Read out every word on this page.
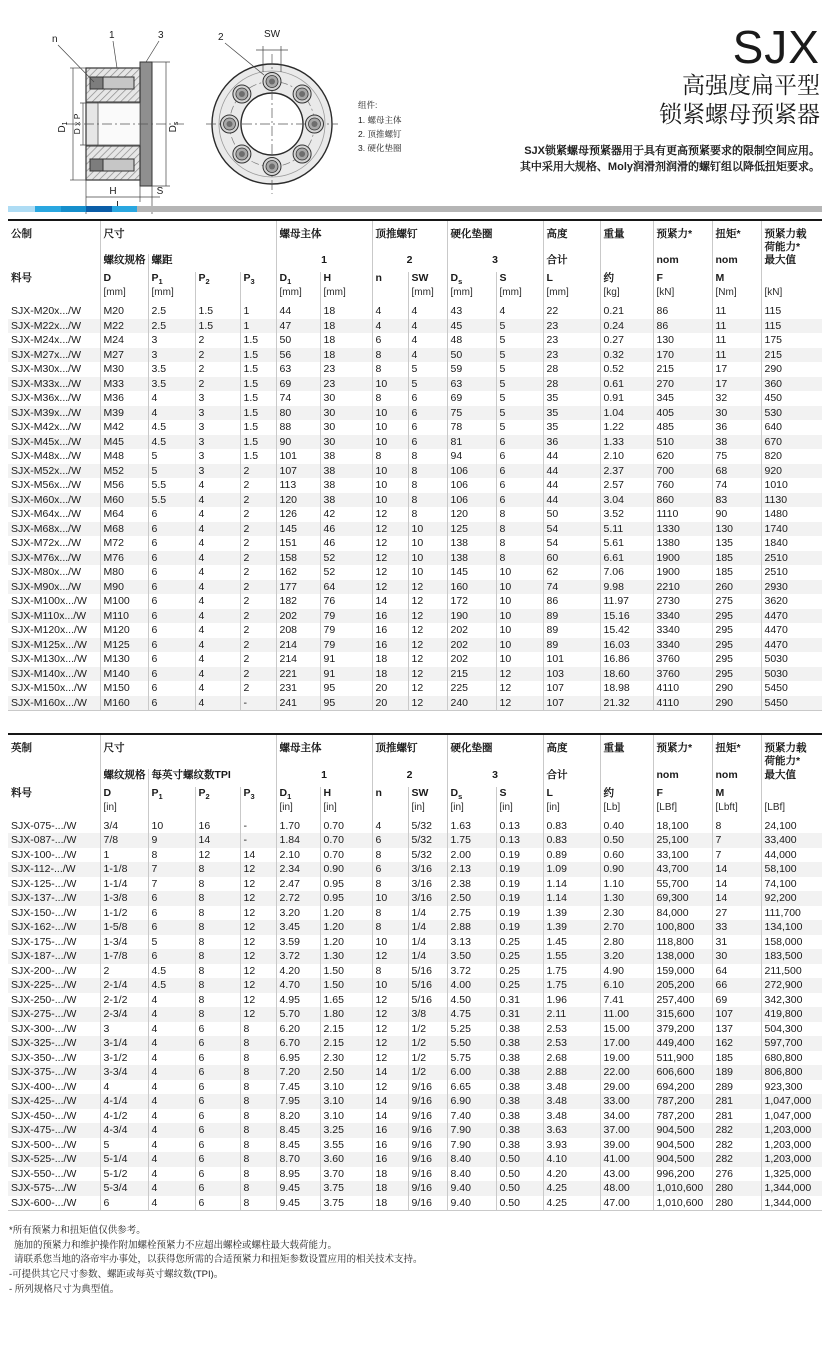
$D_1$ D x P	$D_s$
H	S
n	1	3	2	SW
组件:
1. 螺母主体
2. 顶推螺钉
3. 硬化垫圈
SJX
高强度扁平型
锁紧螺母预紧器
SJX锁紧螺母预紧器用于具有更高预紧要求的限制空间应用。
其中采用大规格、Moly润滑剂润滑的螺钉组以降低扭矩要求。
公制	尺寸				螺母主体		顶推螺钉		硬化垫圈		高度	重量	预紧力*	扭矩*	预紧力载
荷能力*
	螺纹规格	螺距			1		2		3		合计		nom	nom	最大值
料号	D	$P_1$	$P_2$	$P_3$	$D_1$	H	n	SW	$D_s$	S	L	约	F	M	
	[mm]	[mm]			[mm]	[mm]		[mm]	[mm]	[mm]	[mm]	[kg]	[kN]	[Nm]	[kN]
SJX-M20x.../W	M20	2.5	1.5	1	44	18	4	4	43	4	22	0.21	86	11	115
SJX-M22x.../W	M22	2.5	1.5	1	47	18	4	4	45	5	23	0.24	86	11	115
SJX-M24x.../W	M24	3	2	1.5	50	18	6	4	48	5	23	0.27	130	11	175
SJX-M27x.../W	M27	3	2	1.5	56	18	8	4	50	5	23	0.32	170	11	215
SJX-M30x.../W	M30	3.5	2	1.5	63	23	8	5	59	5	28	0.52	215	17	290
SJX-M33x.../W	M33	3.5	2	1.5	69	23	10	5	63	5	28	0.61	270	17	360
SJX-M36x.../W	M36	4	3	1.5	74	30	8	6	69	5	35	0.91	345	32	450
SJX-M39x.../W	M39	4	3	1.5	80	30	10	6	75	5	35	1.04	405	30	530
SJX-M42x.../W	M42	4.5	3	1.5	88	30	10	6	78	5	35	1.22	485	36	640
SJX-M45x.../W	M45	4.5	3	1.5	90	30	10	6	81	6	36	1.33	510	38	670
SJX-M48x.../W	M48	5	3	1.5	101	38	8	8	94	6	44	2.10	620	75	820
SJX-M52x.../W	M52	5	3	2	107	38	10	8	106	6	44	2.37	700	68	920
SJX-M56x.../W	M56	5.5	4	2	113	38	10	8	106	6	44	2.57	760	74	1010
SJX-M60x.../W	M60	5.5	4	2	120	38	10	8	106	6	44	3.04	860	83	1130
SJX-M64x.../W	M64	6	4	2	126	42	12	8	120	8	50	3.52	1110	90	1480
SJX-M68x.../W	M68	6	4	2	145	46	12	10	125	8	54	5.11	1330	130	1740
SJX-M72x.../W	M72	6	4	2	151	46	12	10	138	8	54	5.61	1380	135	1840
SJX-M76x.../W	M76	6	4	2	158	52	12	10	138	8	60	6.61	1900	185	2510
SJX-M80x.../W	M80	6	4	2	162	52	12	10	145	10	62	7.06	1900	185	2510
SJX-M90x.../W	M90	6	4	2	177	64	12	12	160	10	74	9.98	2210	260	2930
SJX-M100x.../W	M100	6	4	2	182	76	14	12	172	10	86	11.97	2730	275	3620
SJX-M110x.../W	M110	6	4	2	202	79	16	12	190	10	89	15.16	3340	295	4470
SJX-M120x.../W	M120	6	4	2	208	79	16	12	202	10	89	15.42	3340	295	4470
SJX-M125x.../W	M125	6	4	2	214	79	16	12	202	10	89	16.03	3340	295	4470
SJX-M130x.../W	M130	6	4	2	214	91	18	12	202	10	101	16.86	3760	295	5030
SJX-M140x.../W	M140	6	4	2	221	91	18	12	215	12	103	18.60	3760	295	5030
SJX-M150x.../W	M150	6	4	2	231	95	20	12	225	12	107	18.98	4110	290	5450
SJX-M160x.../W	M160	6	4	-	241	95	20	12	240	12	107	21.32	4110	290	5450
英制	尺寸				螺母主体		顶推螺钉		硬化垫圈		高度	重量	预紧力*	扭矩*	预紧力载
荷能力*
	螺纹规格	每英寸螺纹数TPI			1		2		3		合计		nom	nom	最大值
料号	D	$P_1$	$P_2$	$P_3$	$D_1$	H	n	SW	$D_s$	S	L	约	F	M	
	[in]				[in]	[in]		[in]	[in]	[in]	[in]	[Lb]	[LBf]	[Lbft]	[LBf]
SJX-075-.../W	3/4	10	16	-	1.70	0.70	4	5/32	1.63	0.13	0.83	0.40	18,100	8	24,100
SJX-087-.../W	7/8	9	14	-	1.84	0.70	6	5/32	1.75	0.13	0.83	0.50	25,100	7	33,400
SJX-100-.../W	1	8	12	14	2.10	0.70	8	5/32	2.00	0.19	0.89	0.60	33,100	7	44,000
SJX-112-.../W	1-1/8	7	8	12	2.34	0.90	6	3/16	2.13	0.19	1.09	0.90	43,700	14	58,100
SJX-125-.../W	1-1/4	7	8	12	2.47	0.95	8	3/16	2.38	0.19	1.14	1.10	55,700	14	74,100
SJX-137-.../W	1-3/8	6	8	12	2.72	0.95	10	3/16	2.50	0.19	1.14	1.30	69,300	14	92,200
SJX-150-.../W	1-1/2	6	8	12	3.20	1.20	8	1/4	2.75	0.19	1.39	2.30	84,000	27	111,700
SJX-162-.../W	1-5/8	6	8	12	3.45	1.20	8	1/4	2.88	0.19	1.39	2.70	100,800	33	134,100
SJX-175-.../W	1-3/4	5	8	12	3.59	1.20	10	1/4	3.13	0.25	1.45	2.80	118,800	31	158,000
SJX-187-.../W	1-7/8	6	8	12	3.72	1.30	12	1/4	3.50	0.25	1.55	3.20	138,000	30	183,500
SJX-200-.../W	2	4.5	8	12	4.20	1.50	8	5/16	3.72	0.25	1.75	4.90	159,000	64	211,500
SJX-225-.../W	2-1/4	4.5	8	12	4.70	1.50	10	5/16	4.00	0.25	1.75	6.10	205,200	66	272,900
SJX-250-.../W	2-1/2	4	8	12	4.95	1.65	12	5/16	4.50	0.31	1.96	7.41	257,400	69	342,300
SJX-275-.../W	2-3/4	4	8	12	5.70	1.80	12	3/8	4.75	0.31	2.11	11.00	315,600	107	419,800
SJX-300-.../W	3	4	6	8	6.20	2.15	12	1/2	5.25	0.38	2.53	15.00	379,200	137	504,300
SJX-325-.../W	3-1/4	4	6	8	6.70	2.15	12	1/2	5.50	0.38	2.53	17.00	449,400	162	597,700
SJX-350-.../W	3-1/2	4	6	8	6.95	2.30	12	1/2	5.75	0.38	2.68	19.00	511,900	185	680,800
SJX-375-.../W	3-3/4	4	6	8	7.20	2.50	14	1/2	6.00	0.38	2.88	22.00	606,600	189	806,800
SJX-400-.../W	4	4	6	8	7.45	3.10	12	9/16	6.65	0.38	3.48	29.00	694,200	289	923,300
SJX-425-.../W	4-1/4	4	6	8	7.95	3.10	14	9/16	6.90	0.38	3.48	33.00	787,200	281	1,047,000
SJX-450-.../W	4-1/2	4	6	8	8.20	3.10	14	9/16	7.40	0.38	3.48	34.00	787,200	281	1,047,000
SJX-475-.../W	4-3/4	4	6	8	8.45	3.25	16	9/16	7.90	0.38	3.63	37.00	904,500	282	1,203,000
SJX-500-.../W	5	4	6	8	8.45	3.55	16	9/16	7.90	0.38	3.93	39.00	904,500	282	1,203,000
SJX-525-.../W	5-1/4	4	6	8	8.70	3.60	16	9/16	8.40	0.50	4.10	41.00	904,500	282	1,203,000
SJX-550-.../W	5-1/2	4	6	8	8.95	3.70	18	9/16	8.40	0.50	4.20	43.00	996,200	276	1,325,000
SJX-575-.../W	5-3/4	4	6	8	9.45	3.75	18	9/16	9.40	0.50	4.25	48.00	1,010,600	280	1,344,000
SJX-600-.../W	6	4	6	8	9.45	3.75	18	9/16	9.40	0.50	4.25	47.00	1,010,600	280	1,344,000
*所有预紧力和扭矩值仅供参考。
施加的预紧力和维护操作附加螺栓预紧力不应超出螺栓或螺柱最大载荷能力。
请联系您当地的洛帝牢办事处，以获得您所需的合适预紧力和扭矩参数设置应用的相关技术支持。
-可提供其它尺寸参数、螺距或每英寸螺纹数(TPI)。
- 所列规格尺寸为典型值。
